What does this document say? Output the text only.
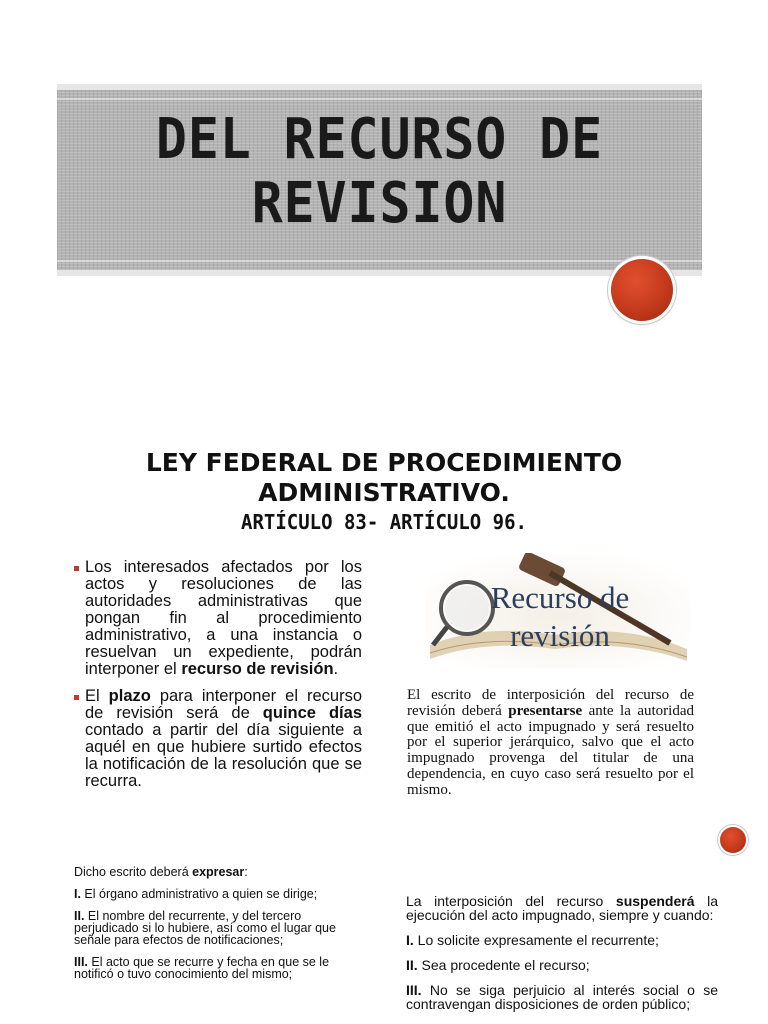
DEL RECURSO DE
REVISION
LEY FEDERAL DE PROCEDIMIENTO
ADMINISTRATIVO.
ARTÍCULO 83- ARTÍCULO 96.
Los interesados afectados por los actos y resoluciones de las autoridades administrativas que pongan fin al procedimiento administrativo, a una instancia o resuelvan un expediente, podrán interponer el recurso de revisión.
El plazo para interponer el recurso de revisión será de quince días contado a partir del día siguiente a aquél en que hubiere surtido efectos la notificación de la resolución que se recurra.
Recurso de
revisión
El escrito de interposición del recurso de revisión deberá presentarse ante la autoridad que emitió el acto impugnado y será resuelto por el superior jerárquico, salvo que el acto impugnado provenga del titular de una dependencia, en cuyo caso será resuelto por el mismo.

Dicho escrito deberá expresar:

I. El órgano administrativo a quien se dirige;

II. El nombre del recurrente, y del tercero perjudicado si lo hubiere, así como el lugar que señale para efectos de notificaciones;

III. El acto que se recurre y fecha en que se le notificó o tuvo conocimiento del mismo;

La interposición del recurso suspenderá la ejecución del acto impugnado, siempre y cuando:

I. Lo solicite expresamente el recurrente;

II. Sea procedente el recurso;

III. No se siga perjuicio al interés social o se contravengan disposiciones de orden público;
